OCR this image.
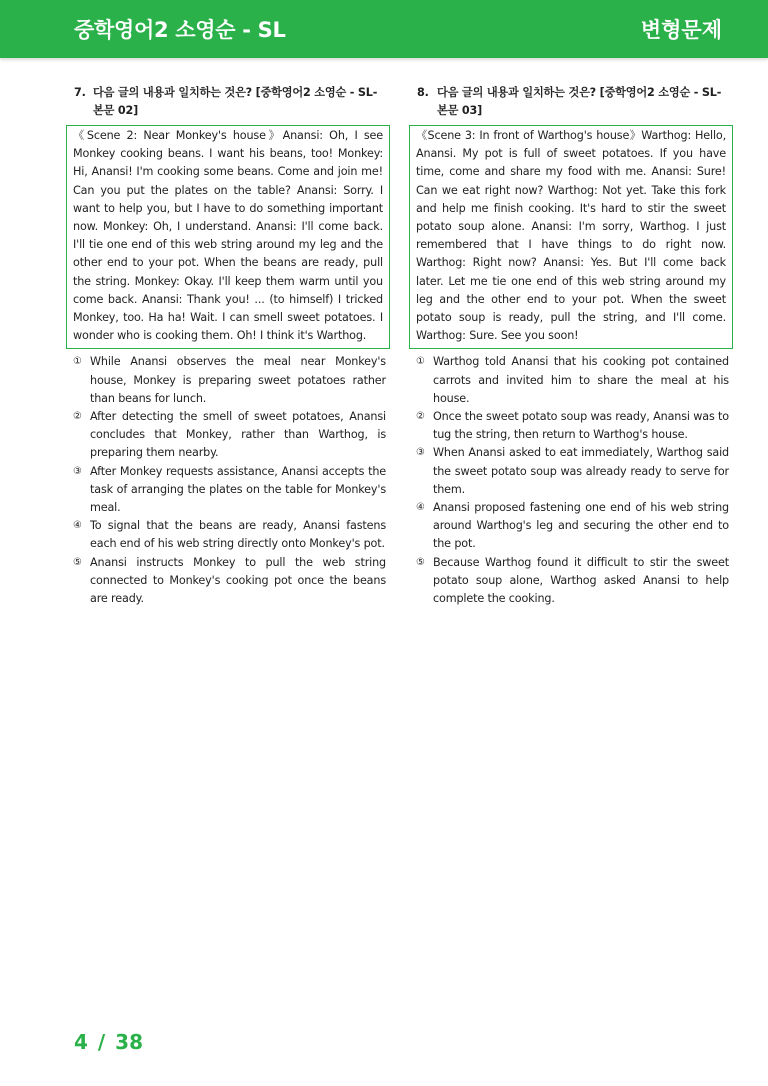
중학영어2 소영순 - SL	변형문제
7. 다음 글의 내용과 일치하는 것은? [중학영어2 소영순 - SL-본문 02]
《Scene 2: Near Monkey's house》Anansi: Oh, I see Monkey cooking beans. I want his beans, too! Monkey: Hi, Anansi! I'm cooking some beans. Come and join me! Can you put the plates on the table? Anansi: Sorry. I want to help you, but I have to do something important now. Monkey: Oh, I understand. Anansi: I'll come back. I'll tie one end of this web string around my leg and the other end to your pot. When the beans are ready, pull the string. Monkey: Okay. I'll keep them warm until you come back. Anansi: Thank you! ... (to himself) I tricked Monkey, too. Ha ha! Wait. I can smell sweet potatoes. I wonder who is cooking them. Oh! I think it's Warthog.
① While Anansi observes the meal near Monkey's house, Monkey is preparing sweet potatoes rather than beans for lunch.
② After detecting the smell of sweet potatoes, Anansi concludes that Monkey, rather than Warthog, is preparing them nearby.
③ After Monkey requests assistance, Anansi accepts the task of arranging the plates on the table for Monkey's meal.
④ To signal that the beans are ready, Anansi fastens each end of his web string directly onto Monkey's pot.
⑤ Anansi instructs Monkey to pull the web string connected to Monkey's cooking pot once the beans are ready.
8. 다음 글의 내용과 일치하는 것은? [중학영어2 소영순 - SL-본문 03]
《Scene 3: In front of Warthog's house》Warthog: Hello, Anansi. My pot is full of sweet potatoes. If you have time, come and share my food with me. Anansi: Sure! Can we eat right now? Warthog: Not yet. Take this fork and help me finish cooking. It's hard to stir the sweet potato soup alone. Anansi: I'm sorry, Warthog. I just remembered that I have things to do right now. Warthog: Right now? Anansi: Yes. But I'll come back later. Let me tie one end of this web string around my leg and the other end to your pot. When the sweet potato soup is ready, pull the string, and I'll come. Warthog: Sure. See you soon!
① Warthog told Anansi that his cooking pot contained carrots and invited him to share the meal at his house.
② Once the sweet potato soup was ready, Anansi was to tug the string, then return to Warthog's house.
③ When Anansi asked to eat immediately, Warthog said the sweet potato soup was already ready to serve for them.
④ Anansi proposed fastening one end of his web string around Warthog's leg and securing the other end to the pot.
⑤ Because Warthog found it difficult to stir the sweet potato soup alone, Warthog asked Anansi to help complete the cooking.
4 / 38
